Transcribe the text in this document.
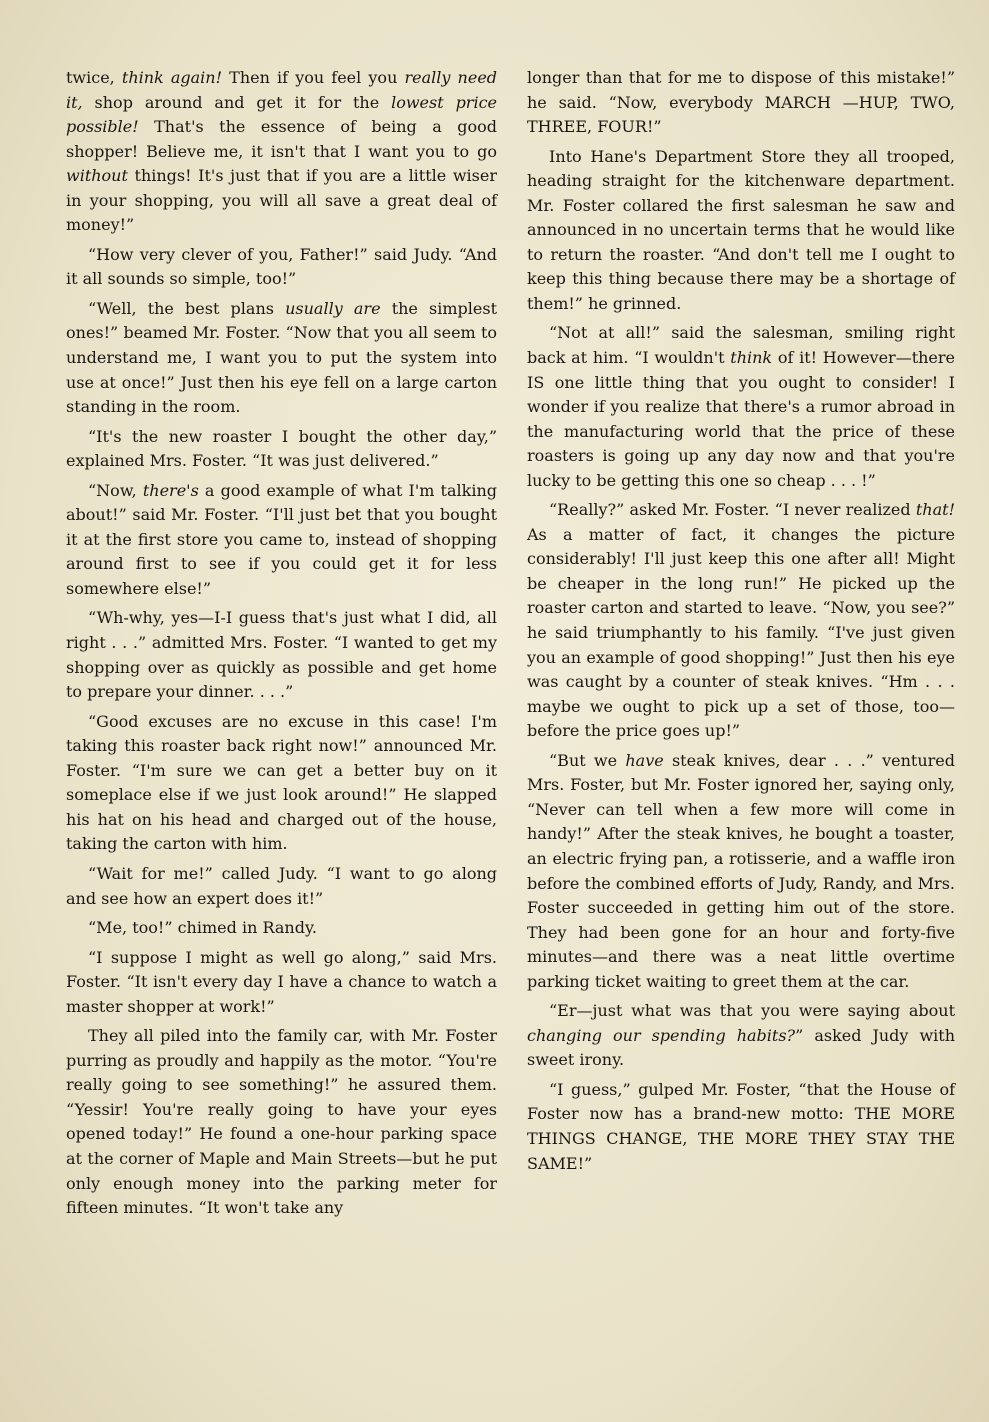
twice, think again! Then if you feel you really need it, shop around and get it for the lowest price possible! That's the essence of being a good shopper! Believe me, it isn't that I want you to go without things! It's just that if you are a little wiser in your shopping, you will all save a great deal of money!”

“How very clever of you, Father!” said Judy. “And it all sounds so simple, too!”

“Well, the best plans usually are the simplest ones!” beamed Mr. Foster. “Now that you all seem to understand me, I want you to put the system into use at once!” Just then his eye fell on a large carton standing in the room.

“It's the new roaster I bought the other day,” explained Mrs. Foster. “It was just delivered.”

“Now, there's a good example of what I'm talking about!” said Mr. Foster. “I'll just bet that you bought it at the first store you came to, instead of shopping around first to see if you could get it for less somewhere else!”

“Wh-why, yes—I-I guess that's just what I did, all right . . .” admitted Mrs. Foster. “I wanted to get my shopping over as quickly as possible and get home to prepare your dinner. . . .”

“Good excuses are no excuse in this case! I'm taking this roaster back right now!” announced Mr. Foster. “I'm sure we can get a better buy on it someplace else if we just look around!” He slapped his hat on his head and charged out of the house, taking the carton with him.

“Wait for me!” called Judy. “I want to go along and see how an expert does it!”

“Me, too!” chimed in Randy.

“I suppose I might as well go along,” said Mrs. Foster. “It isn't every day I have a chance to watch a master shopper at work!”

They all piled into the family car, with Mr. Foster purring as proudly and happily as the motor. “You're really going to see something!” he assured them. “Yessir! You're really going to have your eyes opened today!” He found a one-hour parking space at the corner of Maple and Main Streets—but he put only enough money into the parking meter for fifteen minutes. “It won't take any

longer than that for me to dispose of this mistake!” he said. “Now, everybody MARCH —HUP, TWO, THREE, FOUR!”

Into Hane's Department Store they all trooped, heading straight for the kitchenware department. Mr. Foster collared the first salesman he saw and announced in no uncertain terms that he would like to return the roaster. “And don't tell me I ought to keep this thing because there may be a shortage of them!” he grinned.

“Not at all!” said the salesman, smiling right back at him. “I wouldn't think of it! However—there IS one little thing that you ought to consider! I wonder if you realize that there's a rumor abroad in the manufacturing world that the price of these roasters is going up any day now and that you're lucky to be getting this one so cheap . . . !”

“Really?” asked Mr. Foster. “I never realized that! As a matter of fact, it changes the picture considerably! I'll just keep this one after all! Might be cheaper in the long run!” He picked up the roaster carton and started to leave. “Now, you see?” he said triumphantly to his family. “I've just given you an example of good shopping!” Just then his eye was caught by a counter of steak knives. “Hm . . . maybe we ought to pick up a set of those, too—before the price goes up!”

“But we have steak knives, dear . . .” ventured Mrs. Foster, but Mr. Foster ignored her, saying only, “Never can tell when a few more will come in handy!” After the steak knives, he bought a toaster, an electric frying pan, a rotisserie, and a waffle iron before the combined efforts of Judy, Randy, and Mrs. Foster succeeded in getting him out of the store. They had been gone for an hour and forty-five minutes—and there was a neat little overtime parking ticket waiting to greet them at the car.

“Er—just what was that you were saying about changing our spending habits?” asked Judy with sweet irony.

“I guess,” gulped Mr. Foster, “that the House of Foster now has a brand-new motto: THE MORE THINGS CHANGE, THE MORE THEY STAY THE SAME!”
